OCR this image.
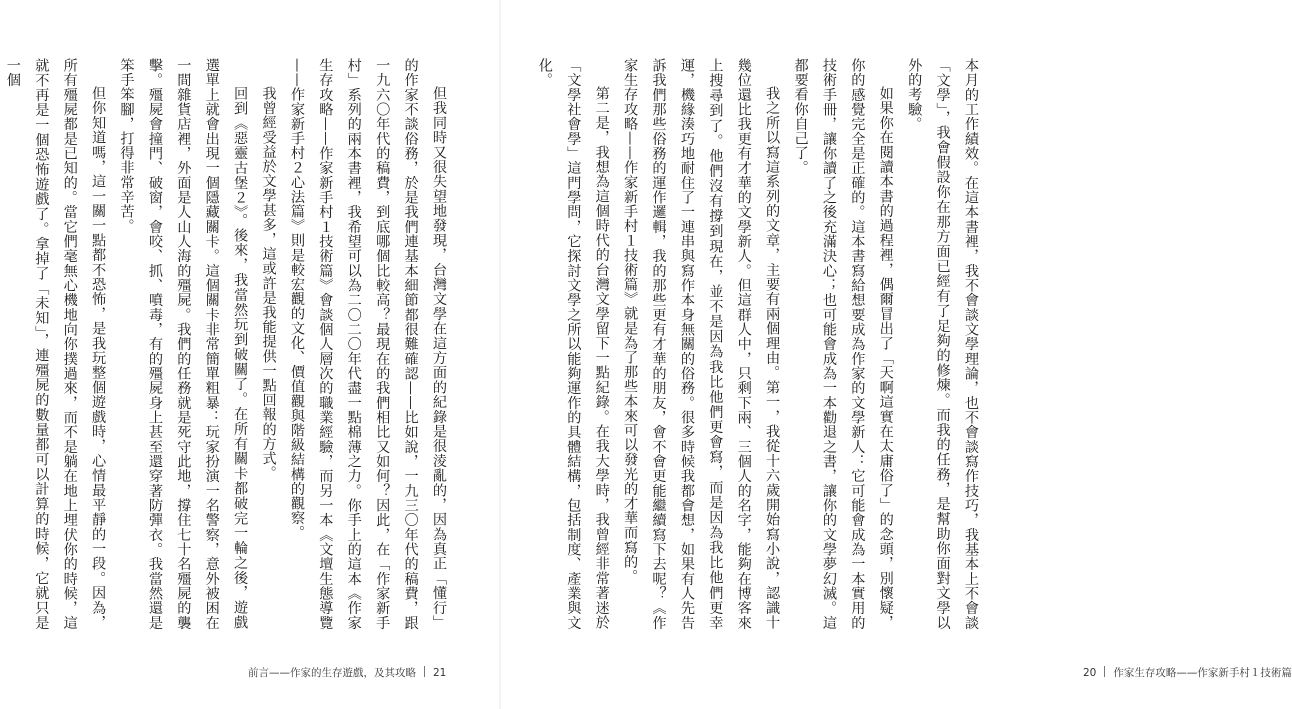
但我同時又很失望地發現，台灣文學在這方面的紀錄是很淩亂的，因為真正「懂行」的作家不談俗務，於是我們連基本細節都很難確認——比如說，一九三〇年代的稿費，跟一九六〇年代的稿費，到底哪個比較高？最現在的我們相比又如何？因此，在「作家新手村」系列的兩本書裡，我希望可以為二〇二〇年代盡一點棉薄之力。你手上的這本《作家生存攻略——作家新手村１技術篇》會談個人層次的職業經驗，而另一本《文壇生態導覽——作家新手村２心法篇》則是較宏觀的文化、價值觀與階級結構的觀察。

我曾經受益於文學甚多，這或許是我能提供一點回報的方式。

回到《惡靈古堡２》。後來，我當然玩到破關了。在所有關卡都破完一輪之後，遊戲選單上就會出現一個隱藏關卡。這個關卡非常簡單粗暴：玩家扮演一名警察，意外被困在一間雜貨店裡，外面是人山人海的殭屍。我們的任務就是死守此地，撐住七十名殭屍的襲擊。殭屍會撞門、破窗，會咬、抓、噴毒，有的殭屍身上甚至還穿著防彈衣。我當然還是笨手笨腳，打得非常辛苦。

但你知道嗎，這一關一點都不恐怖，是我玩整個遊戲時，心情最平靜的一段。因為，所有殭屍都是已知的。當它們毫無心機地向你撲過來，而不是躺在地上埋伏你的時候，這就不再是一個恐怖遊戲了。拿掉了「未知」，連殭屍的數量都可以計算的時候，它就只是一個

前言——作家的生存遊戲，及其攻略 21

本月的工作績效。在這本書裡，我不會談文學理論，也不會談寫作技巧，我基本上不會談「文學」，我會假設你在那方面已經有了足夠的修煉。而我的任務，是幫助你面對文學以外的考驗。

如果你在閱讀本書的過程裡，偶爾冒出了「天啊這實在太庸俗了」的念頭，別懷疑，你的感覺完全是正確的。這本書寫給想要成為作家的文學新人：它可能會成為一本實用的技術手冊，讓你讀了之後充滿決心；也可能會成為一本勸退之書，讓你的文學夢幻滅。這都要看你自己了。

我之所以寫這系列的文章，主要有兩個理由。第一，我從十六歲開始寫小說，認識十幾位還比我更有才華的文學新人。但這群人中，只剩下兩、三個人的名字，能夠在博客來上搜尋到了。他們沒有撐到現在，並不是因為我比他們更會寫，而是因為我比他們更幸運，機緣湊巧地耐住了一連串與寫作本身無關的俗務。很多時候我都會想，如果有人先告訴我們那些俗務的運作邏輯，我的那些更有才華的朋友，會不會更能繼續寫下去呢？《作家生存攻略——作家新手村１技術篇》就是為了那些本來可以發光的才華而寫的。

第二是，我想為這個時代的台灣文學留下一點紀錄。在我大學時，我曾經非常著迷於「文學社會學」這門學問，它探討文學之所以能夠運作的具體結構，包括制度、產業與文化。

20 作家生存攻略——作家新手村１技術篇
